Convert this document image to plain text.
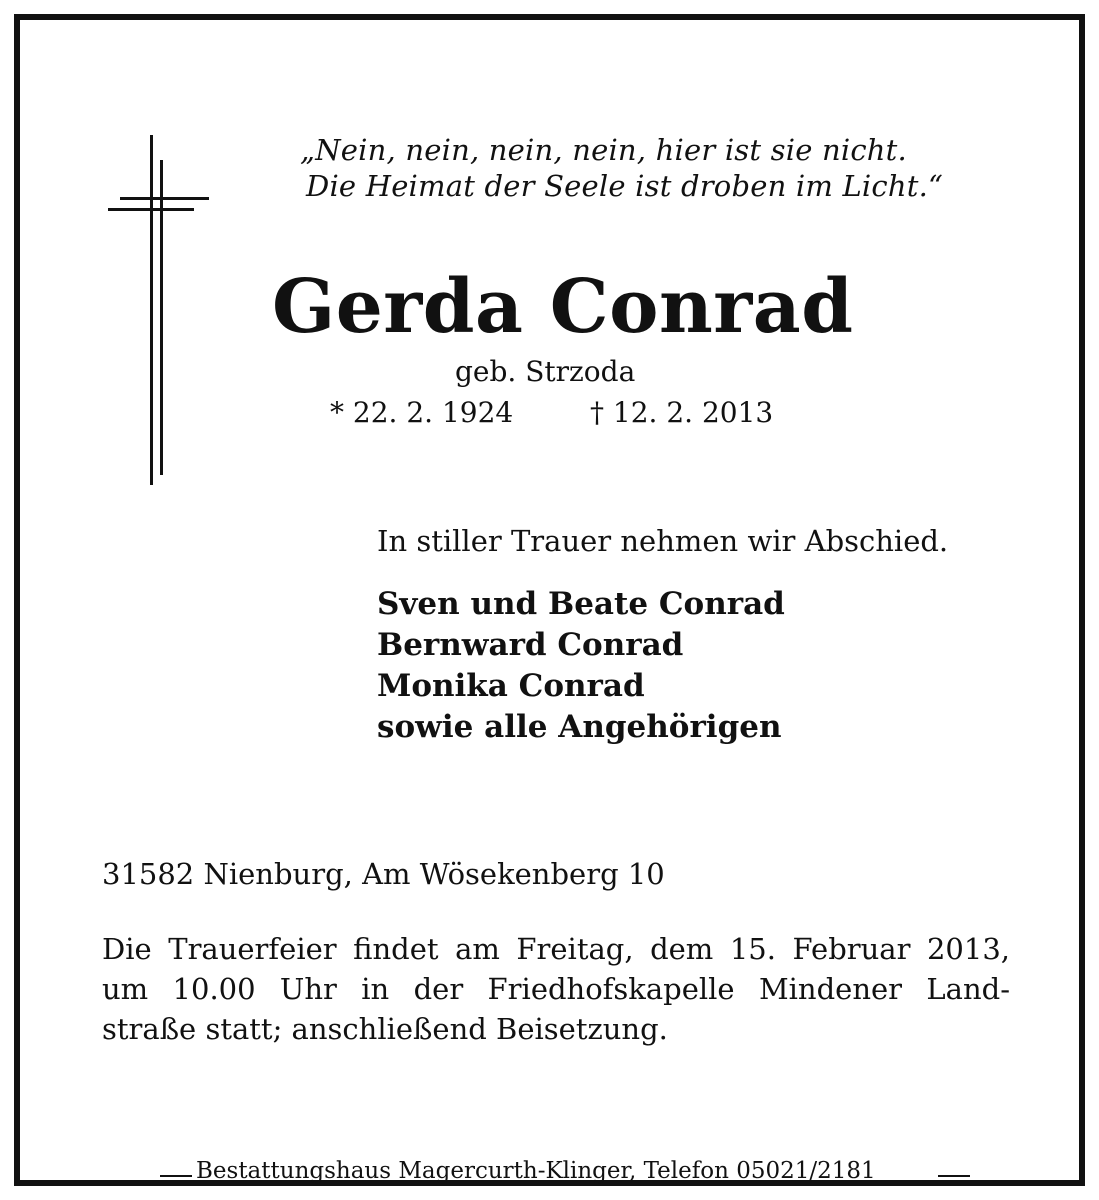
„Nein, nein, nein, nein, hier ist sie nicht.
Die Heimat der Seele ist droben im Licht.“
Gerda Conrad
geb. Strzoda
* 22. 2. 1924	† 12. 2. 2013
In stiller Trauer nehmen wir Abschied.
Sven und Beate Conrad
Bernward Conrad
Monika Conrad
sowie alle Angehörigen
31582 Nienburg, Am Wösekenberg 10
Die Trauerfeier findet am Freitag, dem 15. Februar 2013,
um 10.00 Uhr in der Friedhofskapelle Mindener Land-
straße statt; anschließend Beisetzung.
Bestattungshaus Magercurth-Klinger, Telefon 05021/2181
